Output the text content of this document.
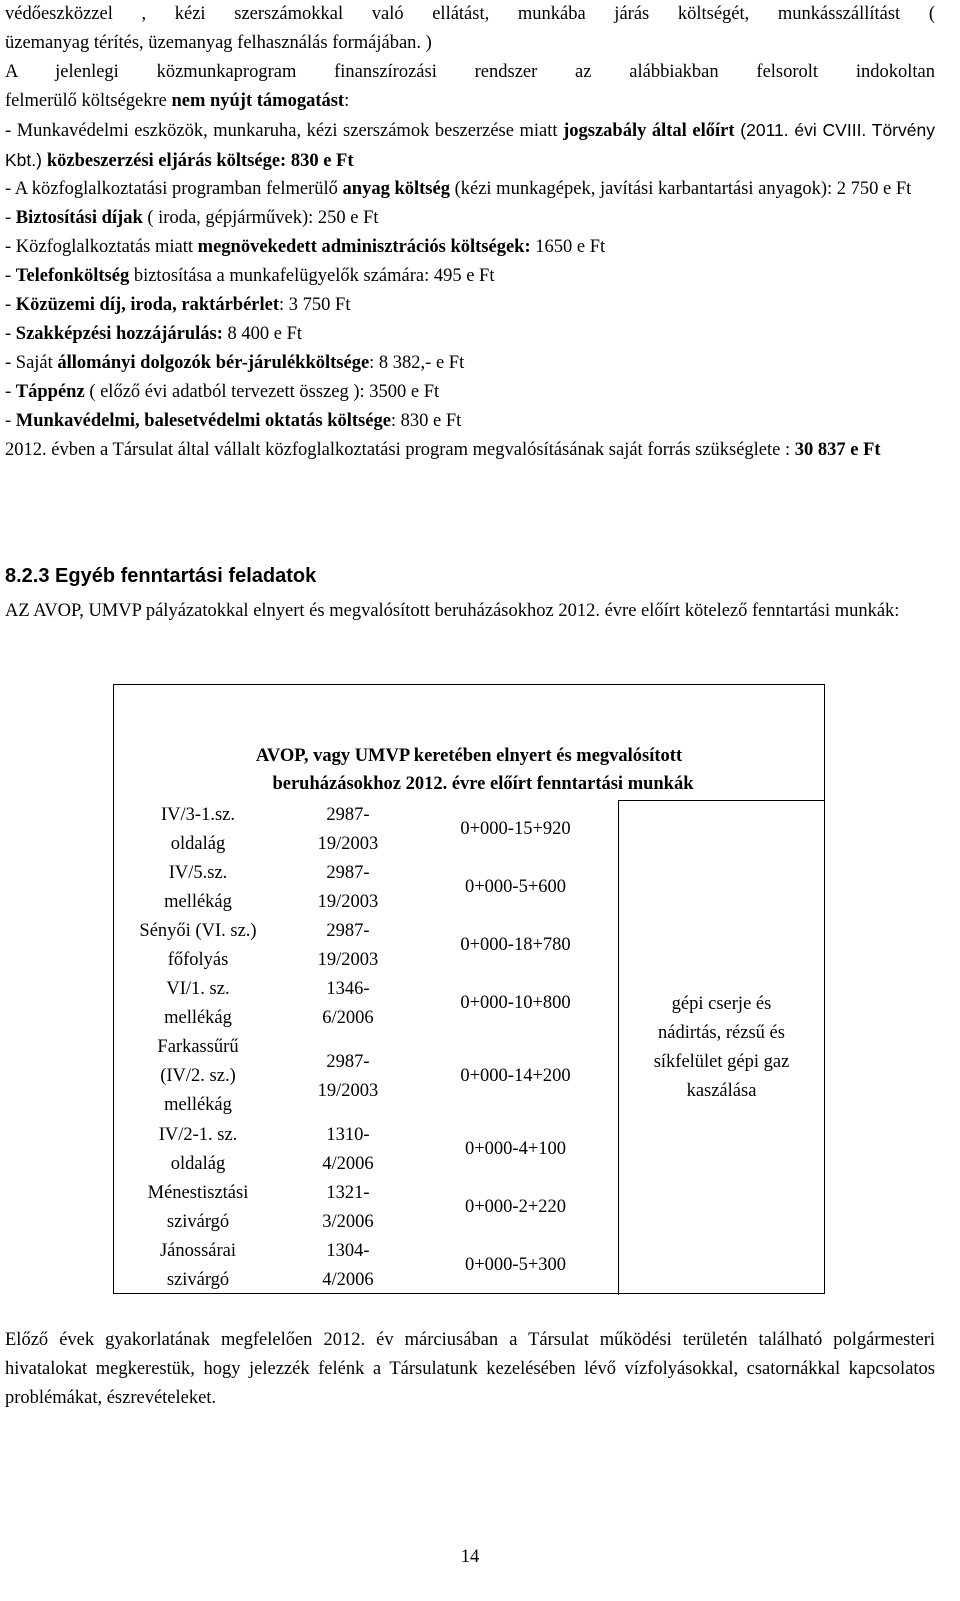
védőeszközzel , kézi szerszámokkal való ellátást, munkába járás költségét, munkásszállítást (
üzemanyag térítés, üzemanyag felhasználás formájában. )
A jelenlegi közmunkaprogram finanszírozási rendszer az alábbiakban felsorolt indokoltan
felmerülő költségekre nem nyújt támogatást:

- Munkavédelmi eszközök, munkaruha, kézi szerszámok beszerzése miatt jogszabály által előírt (2011. évi CVIII. Törvény Kbt.) közbeszerzési eljárás költsége: 830 e Ft

- A közfoglalkoztatási programban felmerülő anyag költség (kézi munkagépek, javítási karbantartási anyagok): 2 750 e Ft

- Biztosítási díjak ( iroda, gépjárművek): 250 e Ft

- Közfoglalkoztatás miatt megnövekedett adminisztrációs költségek: 1650 e Ft

- Telefonköltség biztosítása a munkafelügyelők számára: 495 e Ft

- Közüzemi díj, iroda, raktárbérlet: 3 750 Ft

- Szakképzési hozzájárulás: 8 400 e Ft

- Saját állományi dolgozók bér-járulékköltsége: 8 382,- e Ft

- Táppénz ( előző évi adatból tervezett összeg ): 3500 e Ft

- Munkavédelmi, balesetvédelmi oktatás költsége: 830 e Ft

2012. évben a Társulat által vállalt közfoglalkoztatási program megvalósításának saját forrás szükséglete : 30 837 e Ft

8.2.3 Egyéb fenntartási feladatok

AZ AVOP, UMVP pályázatokkal elnyert és megvalósított beruházásokhoz 2012. évre előírt kötelező fenntartási munkák:

AVOP, vagy UMVP keretében elnyert és megvalósított
beruházásokhoz 2012. évre előírt fenntartási munkák
IV/3-1.sz.
oldalág	2987-
19/2003	0+000-15+920	gépi cserje és
nádirtás, rézsű és
síkfelület gépi gaz
kaszálása

IV/5.sz.
mellékág	2987-
19/2003	0+000-5+600	

Sényői (VI. sz.)
főfolyás	2987-
19/2003	0+000-18+780	

VI/1. sz.
mellékág	1346-
6/2006	0+000-10+800	

Farkassűrű
(IV/2. sz.)
mellékág	2987-
19/2003	0+000-14+200	

IV/2-1. sz.
oldalág	1310-
4/2006	0+000-4+100	

Ménestisztási
szivárgó	1321-
3/2006	0+000-2+220	

Jánossárai
szivárgó	1304-
4/2006	0+000-5+300	

Előző évek gyakorlatának megfelelően 2012. év márciusában a Társulat működési területén található polgármesteri hivatalokat megkerestük, hogy jelezzék felénk a Társulatunk kezelésében lévő vízfolyásokkal, csatornákkal kapcsolatos problémákat, észrevételeket.

14
